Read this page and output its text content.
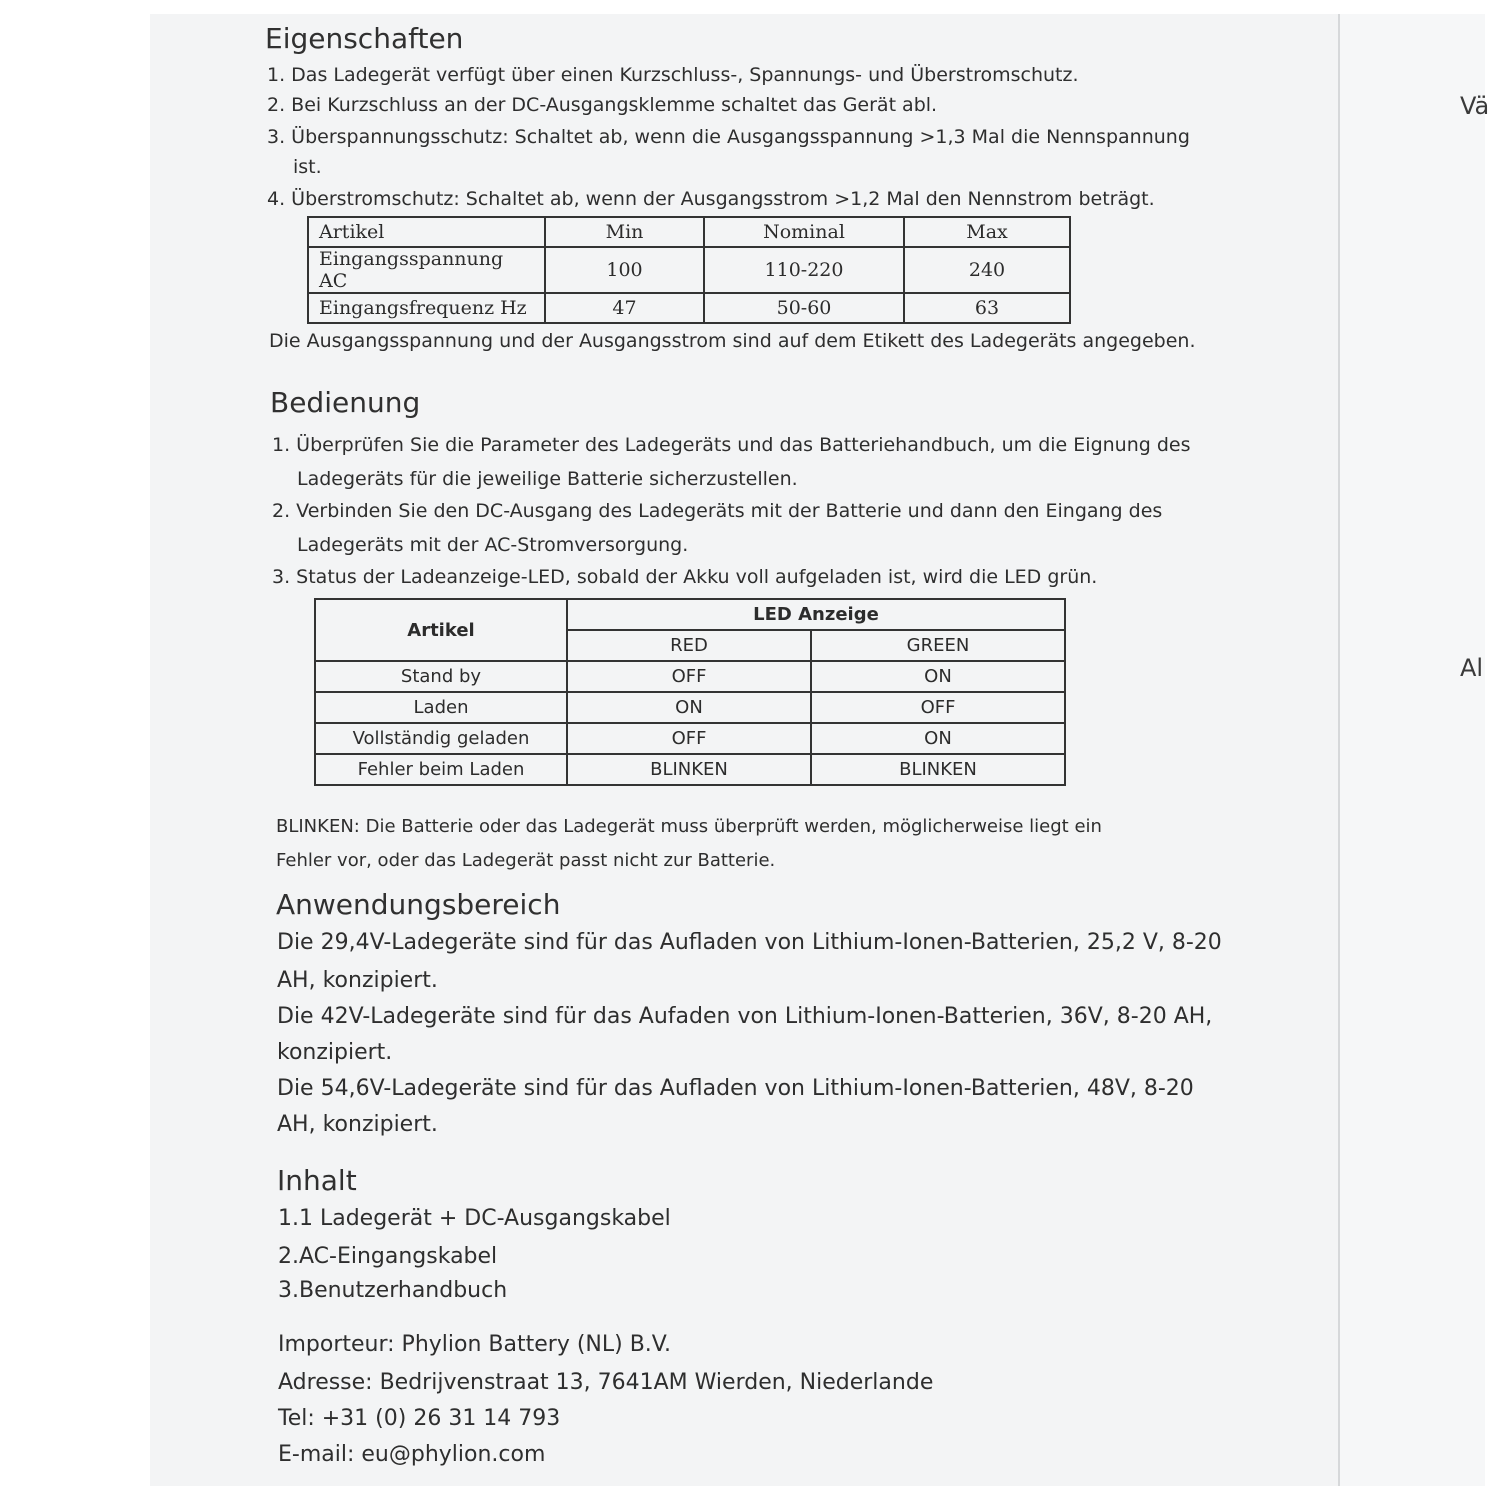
Vä
Al
Eigenschaften
1. Das Ladegerät verfügt über einen Kurzschluss-, Spannungs- und Überstromschutz.
2. Bei Kurzschluss an der DC-Ausgangsklemme schaltet das Gerät abl.
3. Überspannungsschutz: Schaltet ab, wenn die Ausgangsspannung >1,3 Mal die Nennspannung
ist.
4. Überstromschutz: Schaltet ab, wenn der Ausgangsstrom >1,2 Mal den Nennstrom beträgt.
Artikel	Min	Nominal	Max
Eingangsspannung AC	100	110-220	240
Eingangsfrequenz Hz	47	50-60	63
Die Ausgangsspannung und der Ausgangsstrom sind auf dem Etikett des Ladegeräts angegeben.
Bedienung
1. Überprüfen Sie die Parameter des Ladegeräts und das Batteriehandbuch, um die Eignung des
Ladegeräts für die jeweilige Batterie sicherzustellen.
2. Verbinden Sie den DC-Ausgang des Ladegeräts mit der Batterie und dann den Eingang des
Ladegeräts mit der AC-Stromversorgung.
3. Status der Ladeanzeige-LED, sobald der Akku voll aufgeladen ist, wird die LED grün.
Artikel	LED Anzeige	
	RED	GREEN
Stand by	OFF	ON
Laden	ON	OFF
Vollständig geladen	OFF	ON
Fehler beim Laden	BLINKEN	BLINKEN
BLINKEN: Die Batterie oder das Ladegerät muss überprüft werden, möglicherweise liegt ein
Fehler vor, oder das Ladegerät passt nicht zur Batterie.
Anwendungsbereich
Die 29,4V-Ladegeräte sind für das Aufladen von Lithium-Ionen-Batterien, 25,2 V, 8-20
AH, konzipiert.
Die 42V-Ladegeräte sind für das Aufaden von Lithium-Ionen-Batterien, 36V, 8-20 AH,
konzipiert.
Die 54,6V-Ladegeräte sind für das Aufladen von Lithium-Ionen-Batterien, 48V, 8-20
AH, konzipiert.
Inhalt
1.1 Ladegerät + DC-Ausgangskabel
2.AC-Eingangskabel
3.Benutzerhandbuch
Importeur: Phylion Battery (NL) B.V.
Adresse: Bedrijvenstraat 13, 7641AM Wierden, Niederlande
Tel: +31 (0) 26 31 14 793
E-mail: eu@phylion.com
